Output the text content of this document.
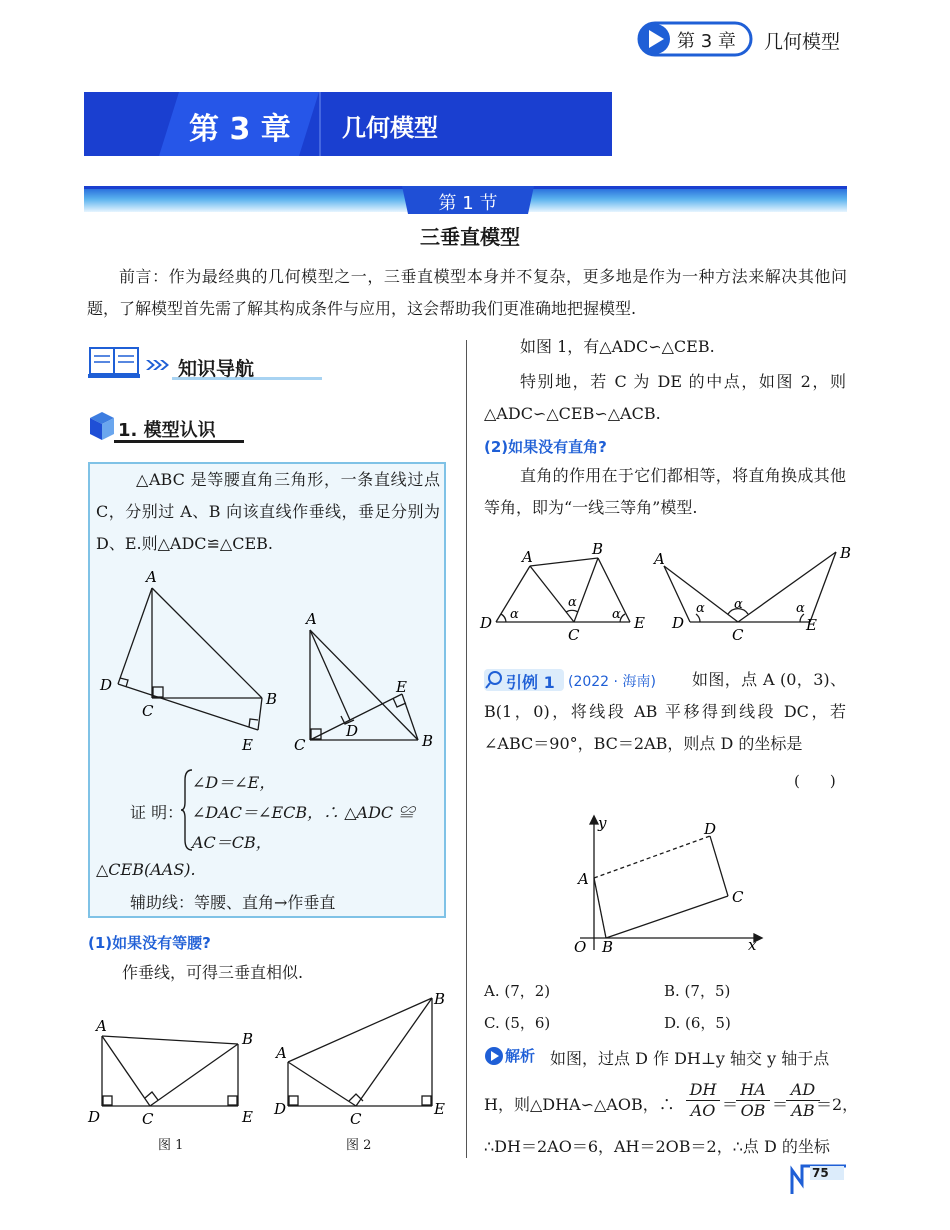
第 3 章 几何模型
第 3 章 几何模型
第 1 节
三垂直模型

前言：作为最经典的几何模型之一，三垂直模型本身并不复杂，更多地是作为一种方法来解决其他问题，了解模型首先需了解其构成条件与应用，这会帮助我们更准确地把握模型.

知识导航
1. 模型认识

△ABC 是等腰直角三角形，一条直线过点 C，分别过 A、B 向该直线作垂线，垂足分别为 D、E.则△ADC≌△CEB.

A
D
C
B
E
A
E
D
C	B
证 明：
∠D＝∠E，
∠DAC＝∠ECB，∴ △ADC ≌
AC＝CB，
△CEB(AAS).
辅助线：等腰、直角→作垂直
(1)如果没有等腰?
作垂线，可得三垂直相似.
A
B
D	C	E
图 1
A
B
D
C
E
图 2
如图 1，有△ADC∽△CEB.

特别地，若 C 为 DE 的中点，如图 2，则△ADC∽△CEB∽△ACB.

(2)如果没有直角?

直角的作用在于它们都相等，将直角换成其他等角，即为“一线三等角”模型.

A	B
D
C
E
α
α
α
A	B
D
C
E
α α	α
引例 1 (2022 · 海南)	如图，点 A (0，3)、B(1，0)，将线段 AB 平移得到线段 DC，若∠ABC＝90°，BC＝2AB，则点 D 的坐标是

(　　)
y	D
A
C
O B	x
A. (7，2)	B. (7，5)
C. (5，6)	D. (6，5)
解析 如图，过点 D 作 DH⊥y 轴交 y 轴于点
H，则△DHA∽△AOB，∴
DH
AO ＝
HA
OB ＝
AD
AB ＝2，
∴DH＝2AO＝6，AH＝2OB＝2，∴点 D 的坐标
75
